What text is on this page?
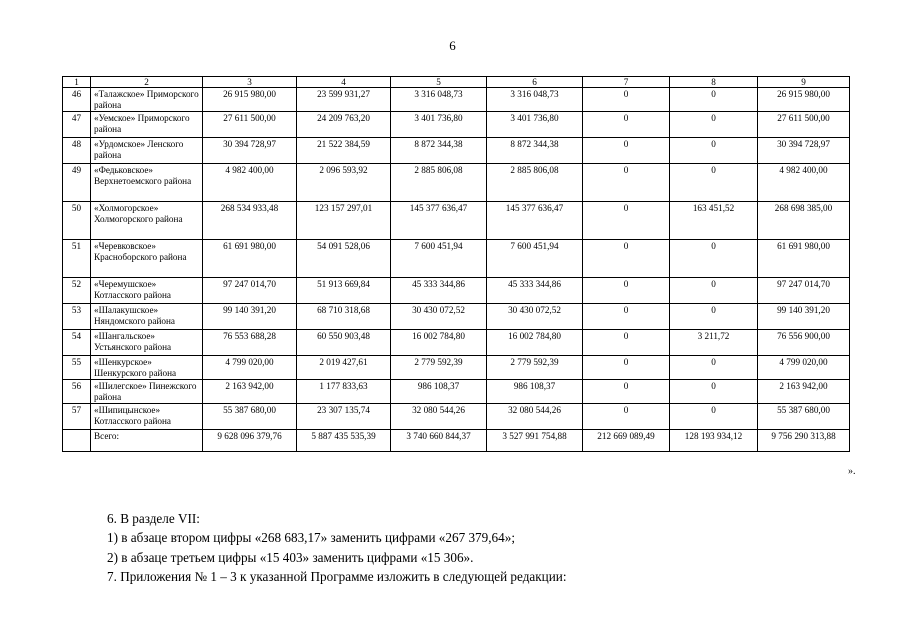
6
1	2	3	4	5	6	7	8	9
46	«Талажское» Приморского района	26 915 980,00	23 599 931,27	3 316 048,73	3 316 048,73	0	0	26 915 980,00
47	«Уемское» Приморского района	27 611 500,00	24 209 763,20	3 401 736,80	3 401 736,80	0	0	27 611 500,00
48	«Урдомское» Ленского района	30 394 728,97	21 522 384,59	8 872 344,38	8 872 344,38	0	0	30 394 728,97
49	«Федьковское» Верхнетоемского района	4 982 400,00	2 096 593,92	2 885 806,08	2 885 806,08	0	0	4 982 400,00
50	«Холмогорское» Холмогорского района	268 534 933,48	123 157 297,01	145 377 636,47	145 377 636,47	0	163 451,52	268 698 385,00
51	«Черевковское» Красноборского района	61 691 980,00	54 091 528,06	7 600 451,94	7 600 451,94	0	0	61 691 980,00
52	«Черемушское» Котласского района	97 247 014,70	51 913 669,84	45 333 344,86	45 333 344,86	0	0	97 247 014,70
53	«Шалакушское» Няндомского района	99 140 391,20	68 710 318,68	30 430 072,52	30 430 072,52	0	0	99 140 391,20
54	«Шангальское» Устьянского района	76 553 688,28	60 550 903,48	16 002 784,80	16 002 784,80	0	3 211,72	76 556 900,00
55	«Шенкурское» Шенкурского района	4 799 020,00	2 019 427,61	2 779 592,39	2 779 592,39	0	0	4 799 020,00
56	«Шилегское» Пинежского района	2 163 942,00	1 177 833,63	986 108,37	986 108,37	0	0	2 163 942,00
57	«Шипицынское» Котласского района	55 387 680,00	23 307 135,74	32 080 544,26	32 080 544,26	0	0	55 387 680,00
	Всего:	9 628 096 379,76	5 887 435 535,39	3 740 660 844,37	3 527 991 754,88	212 669 089,49	128 193 934,12	9 756 290 313,88
».

6. В разделе VII:

1) в абзаце втором цифры «268 683,17» заменить цифрами «267 379,64»;

2) в абзаце третьем цифры «15 403» заменить цифрами «15 306».

7. Приложения № 1 – 3 к указанной Программе изложить в следующей редакции:
